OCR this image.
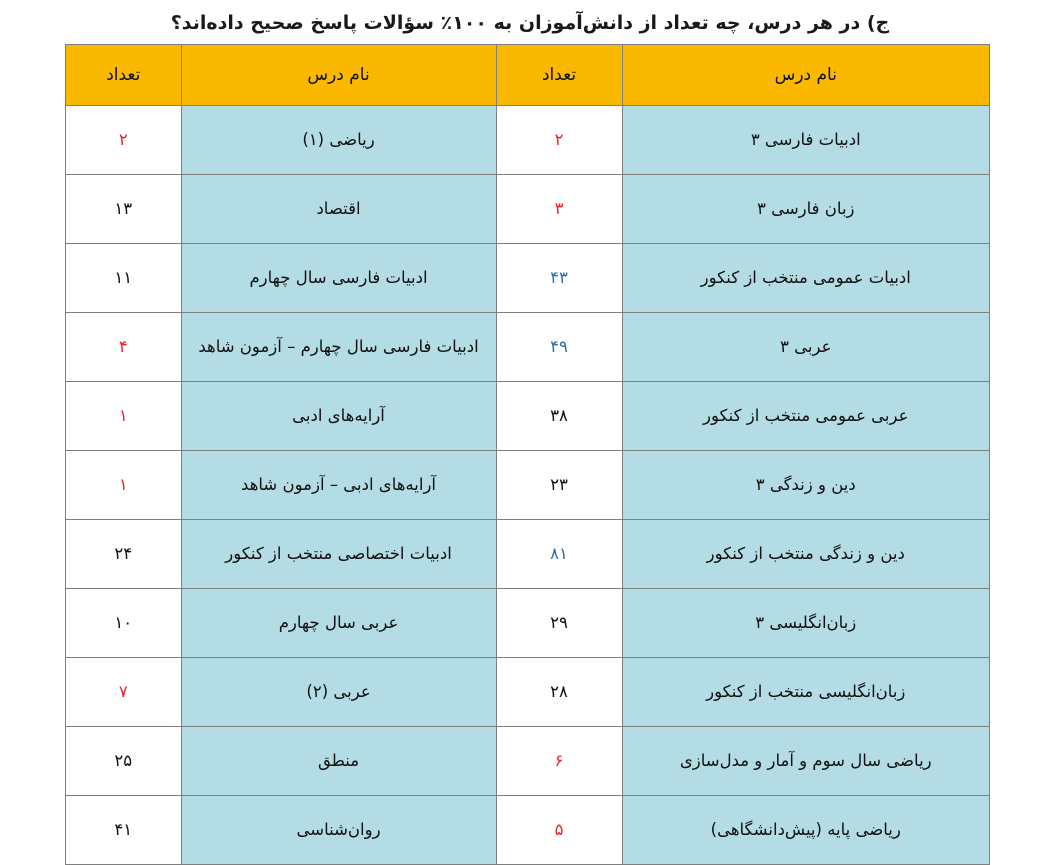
ج) در هر درس، چه تعداد از دانش‌آموزان به ۱۰۰٪ سؤالات پاسخ صحیح داده‌اند؟
نام درس	تعداد	نام درس	تعداد
ادبیات فارسی ۳	۲	ریاضی (۱)	۲
زبان فارسی ۳	۳	اقتصاد	۱۳
ادبیات عمومی منتخب از کنکور	۴۳	ادبیات فارسی سال چهارم	۱۱
عربی ۳	۴۹	ادبیات فارسی سال چهارم – آزمون شاهد	۴
عربی عمومی منتخب از کنکور	۳۸	آرایه‌های ادبی	۱
دین و زندگی ۳	۲۳	آرایه‌های ادبی – آزمون شاهد	۱
دین و زندگی منتخب از کنکور	۸۱	ادبیات اختصاصی منتخب از کنکور	۲۴
زبان‌انگلیسی ۳	۲۹	عربی سال چهارم	۱۰
زبان‌انگلیسی منتخب از کنکور	۲۸	عربی (۲)	۷
ریاضی سال سوم و آمار و مدل‌سازی	۶	منطق	۲۵
ریاضی پایه (پیش‌دانشگاهی)	۵	روان‌شناسی	۴۱
